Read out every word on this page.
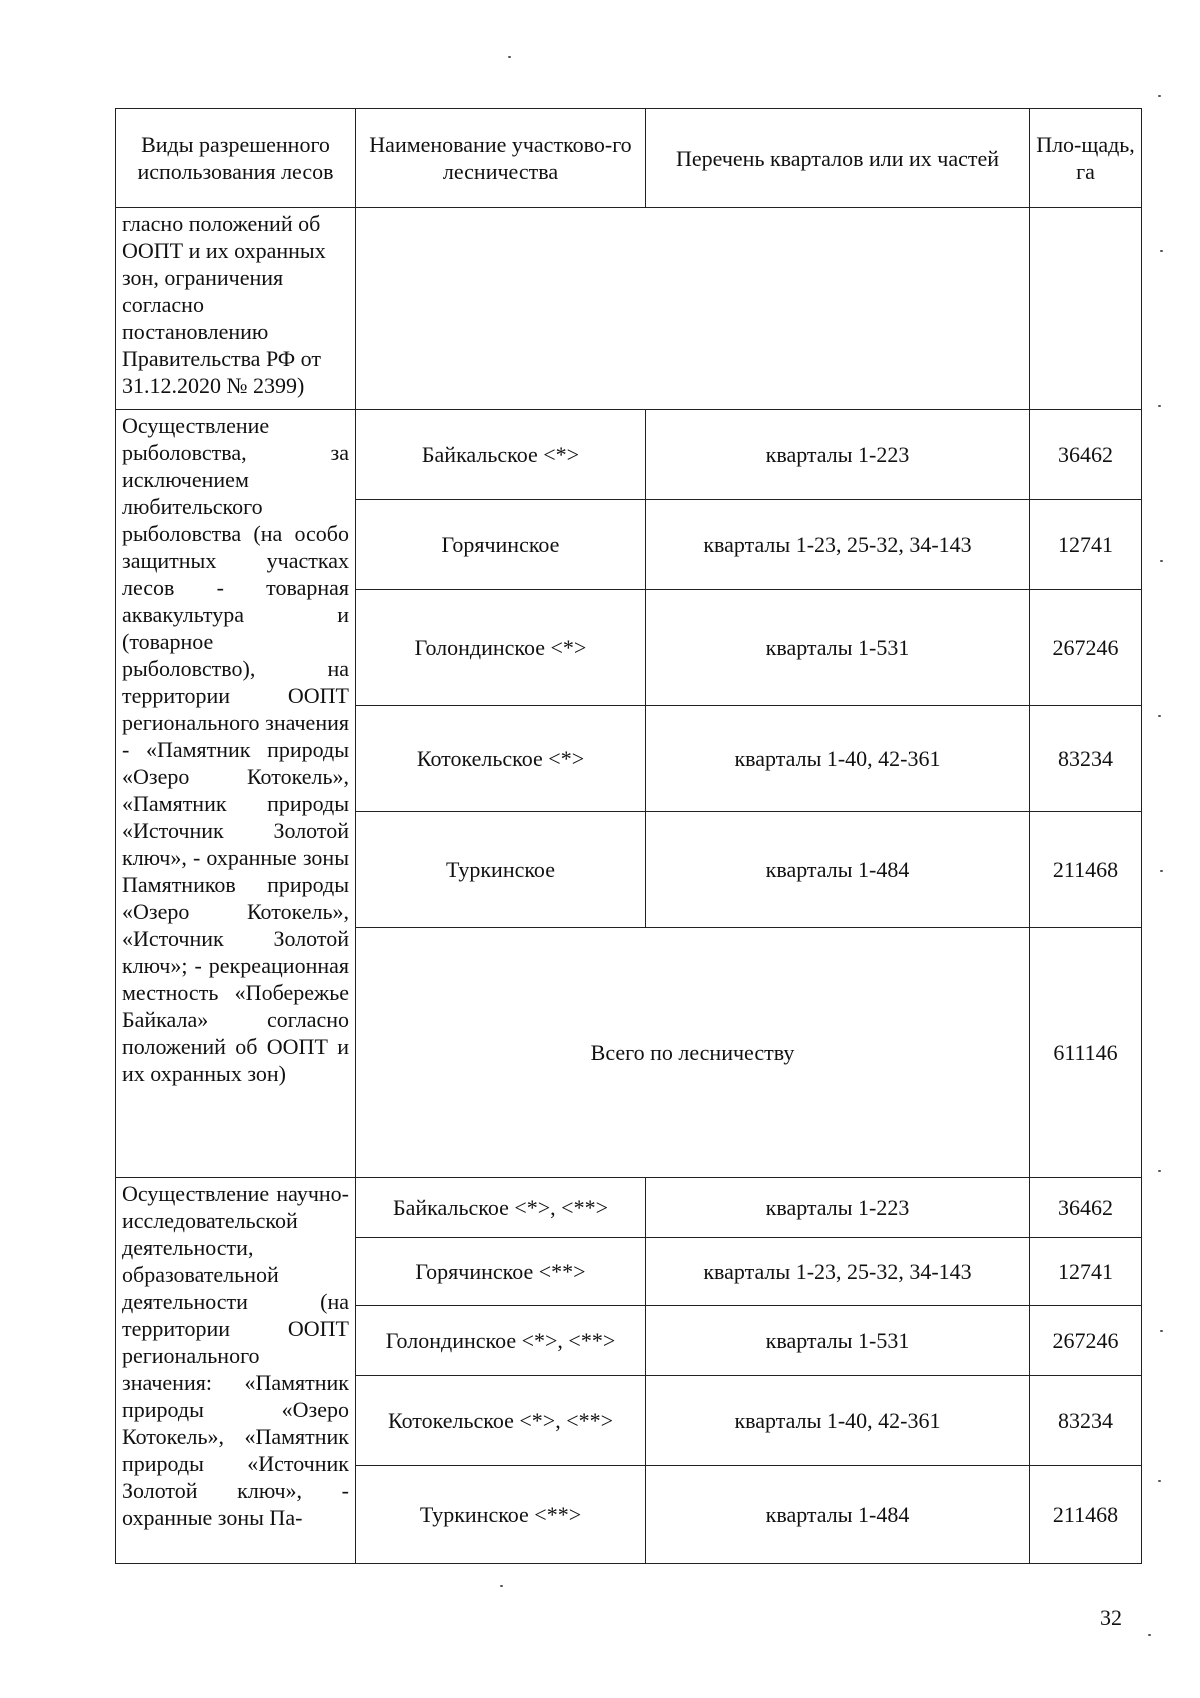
Виды разрешенного использования лесов	Наименование участково-го лесничества	Перечень кварталов или их частей	Пло-щадь, га
гласно положений об ООПТ и их охранных зон, ограничения согласно постановлению Правительства РФ от 31.12.2020 № 2399)			
Осуществление рыболовства, за исключением любительского рыболовства (на особо защитных участках лесов - товарная аквакультура и (товарное рыболовство), на территории ООПТ регионального значения - «Памятник природы «Озеро Котокель», «Памятник природы «Источник Золотой ключ», - охранные зоны Памятников природы «Озеро Котокель», «Источник Золотой ключ»; - рекреационная местность «Побережье Байкала» согласно положений об ООПТ и их охранных зон)	Байкальское <*>	кварталы 1-223	36462
	Горячинское	кварталы 1-23, 25-32, 34-143	12741
	Голондинское <*>	кварталы 1-531	267246
	Котокельское <*>	кварталы 1-40, 42-361	83234
	Туркинское	кварталы 1-484	211468
	Всего по лесничеству		611146
Осуществление научно-исследовательской деятельности, образовательной деятельности (на территории ООПТ регионального значения: «Памятник природы «Озеро Котокель», «Памятник природы «Источник Золотой ключ», - охранные зоны Па-	Байкальское <*>, <**>	кварталы 1-223	36462
	Горячинское <**>	кварталы 1-23, 25-32, 34-143	12741
	Голондинское <*>, <**>	кварталы 1-531	267246
	Котокельское <*>, <**>	кварталы 1-40, 42-361	83234
	Туркинское <**>	кварталы 1-484	211468
32
